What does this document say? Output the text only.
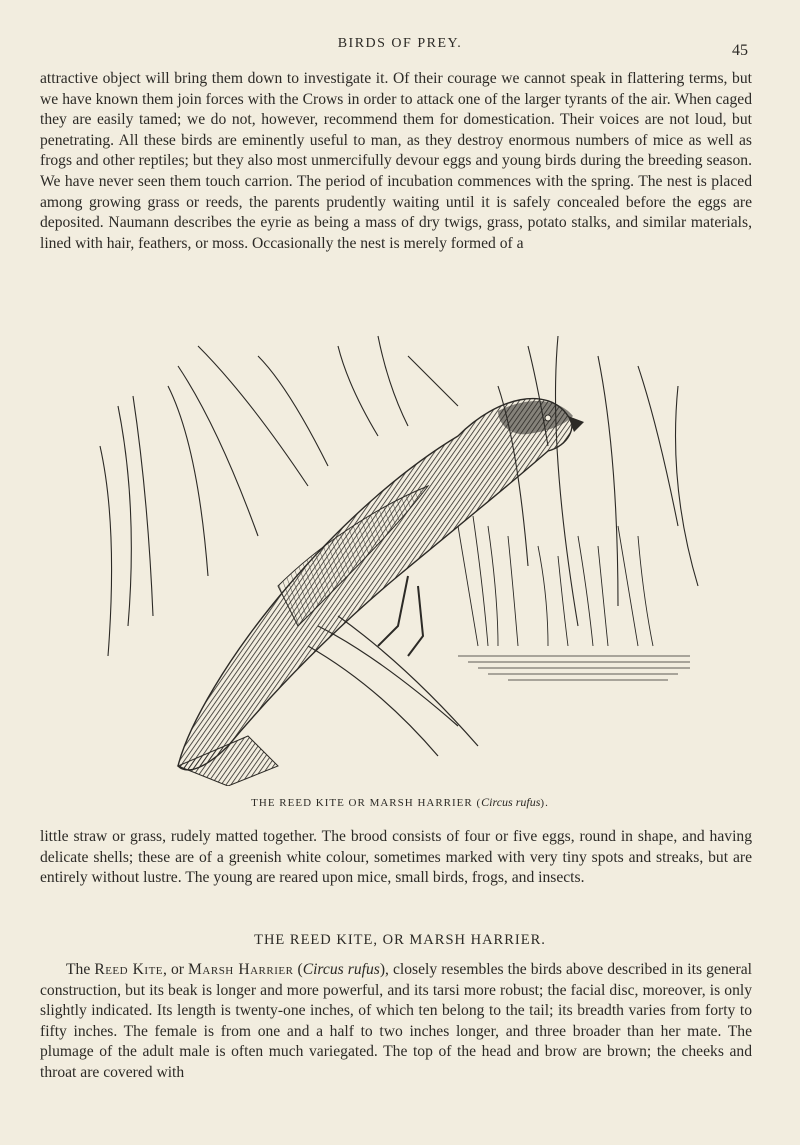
BIRDS OF PREY.	45

attractive object will bring them down to investigate it. Of their courage we cannot speak in flattering terms, but we have known them join forces with the Crows in order to attack one of the larger tyrants of the air. When caged they are easily tamed; we do not, however, recommend them for domestication. Their voices are not loud, but penetrating. All these birds are eminently useful to man, as they destroy enormous numbers of mice as well as frogs and other reptiles; but they also most unmercifully devour eggs and young birds during the breeding season. We have never seen them touch carrion. The period of incubation commences with the spring. The nest is placed among growing grass or reeds, the parents prudently waiting until it is safely concealed before the eggs are deposited. Naumann describes the eyrie as being a mass of dry twigs, grass, potato stalks, and similar materials, lined with hair, feathers, or moss. Occasionally the nest is merely formed of a

THE REED KITE OR MARSH HARRIER (Circus rufus).

little straw or grass, rudely matted together. The brood consists of four or five eggs, round in shape, and having delicate shells; these are of a greenish white colour, sometimes marked with very tiny spots and streaks, but are entirely without lustre. The young are reared upon mice, small birds, frogs, and insects.

THE REED KITE, OR MARSH HARRIER.

The Reed Kite, or Marsh Harrier (Circus rufus), closely resembles the birds above described in its general construction, but its beak is longer and more powerful, and its tarsi more robust; the facial disc, moreover, is only slightly indicated. Its length is twenty-one inches, of which ten belong to the tail; its breadth varies from forty to fifty inches. The female is from one and a half to two inches longer, and three broader than her mate. The plumage of the adult male is often much variegated. The top of the head and brow are brown; the cheeks and throat are covered with
